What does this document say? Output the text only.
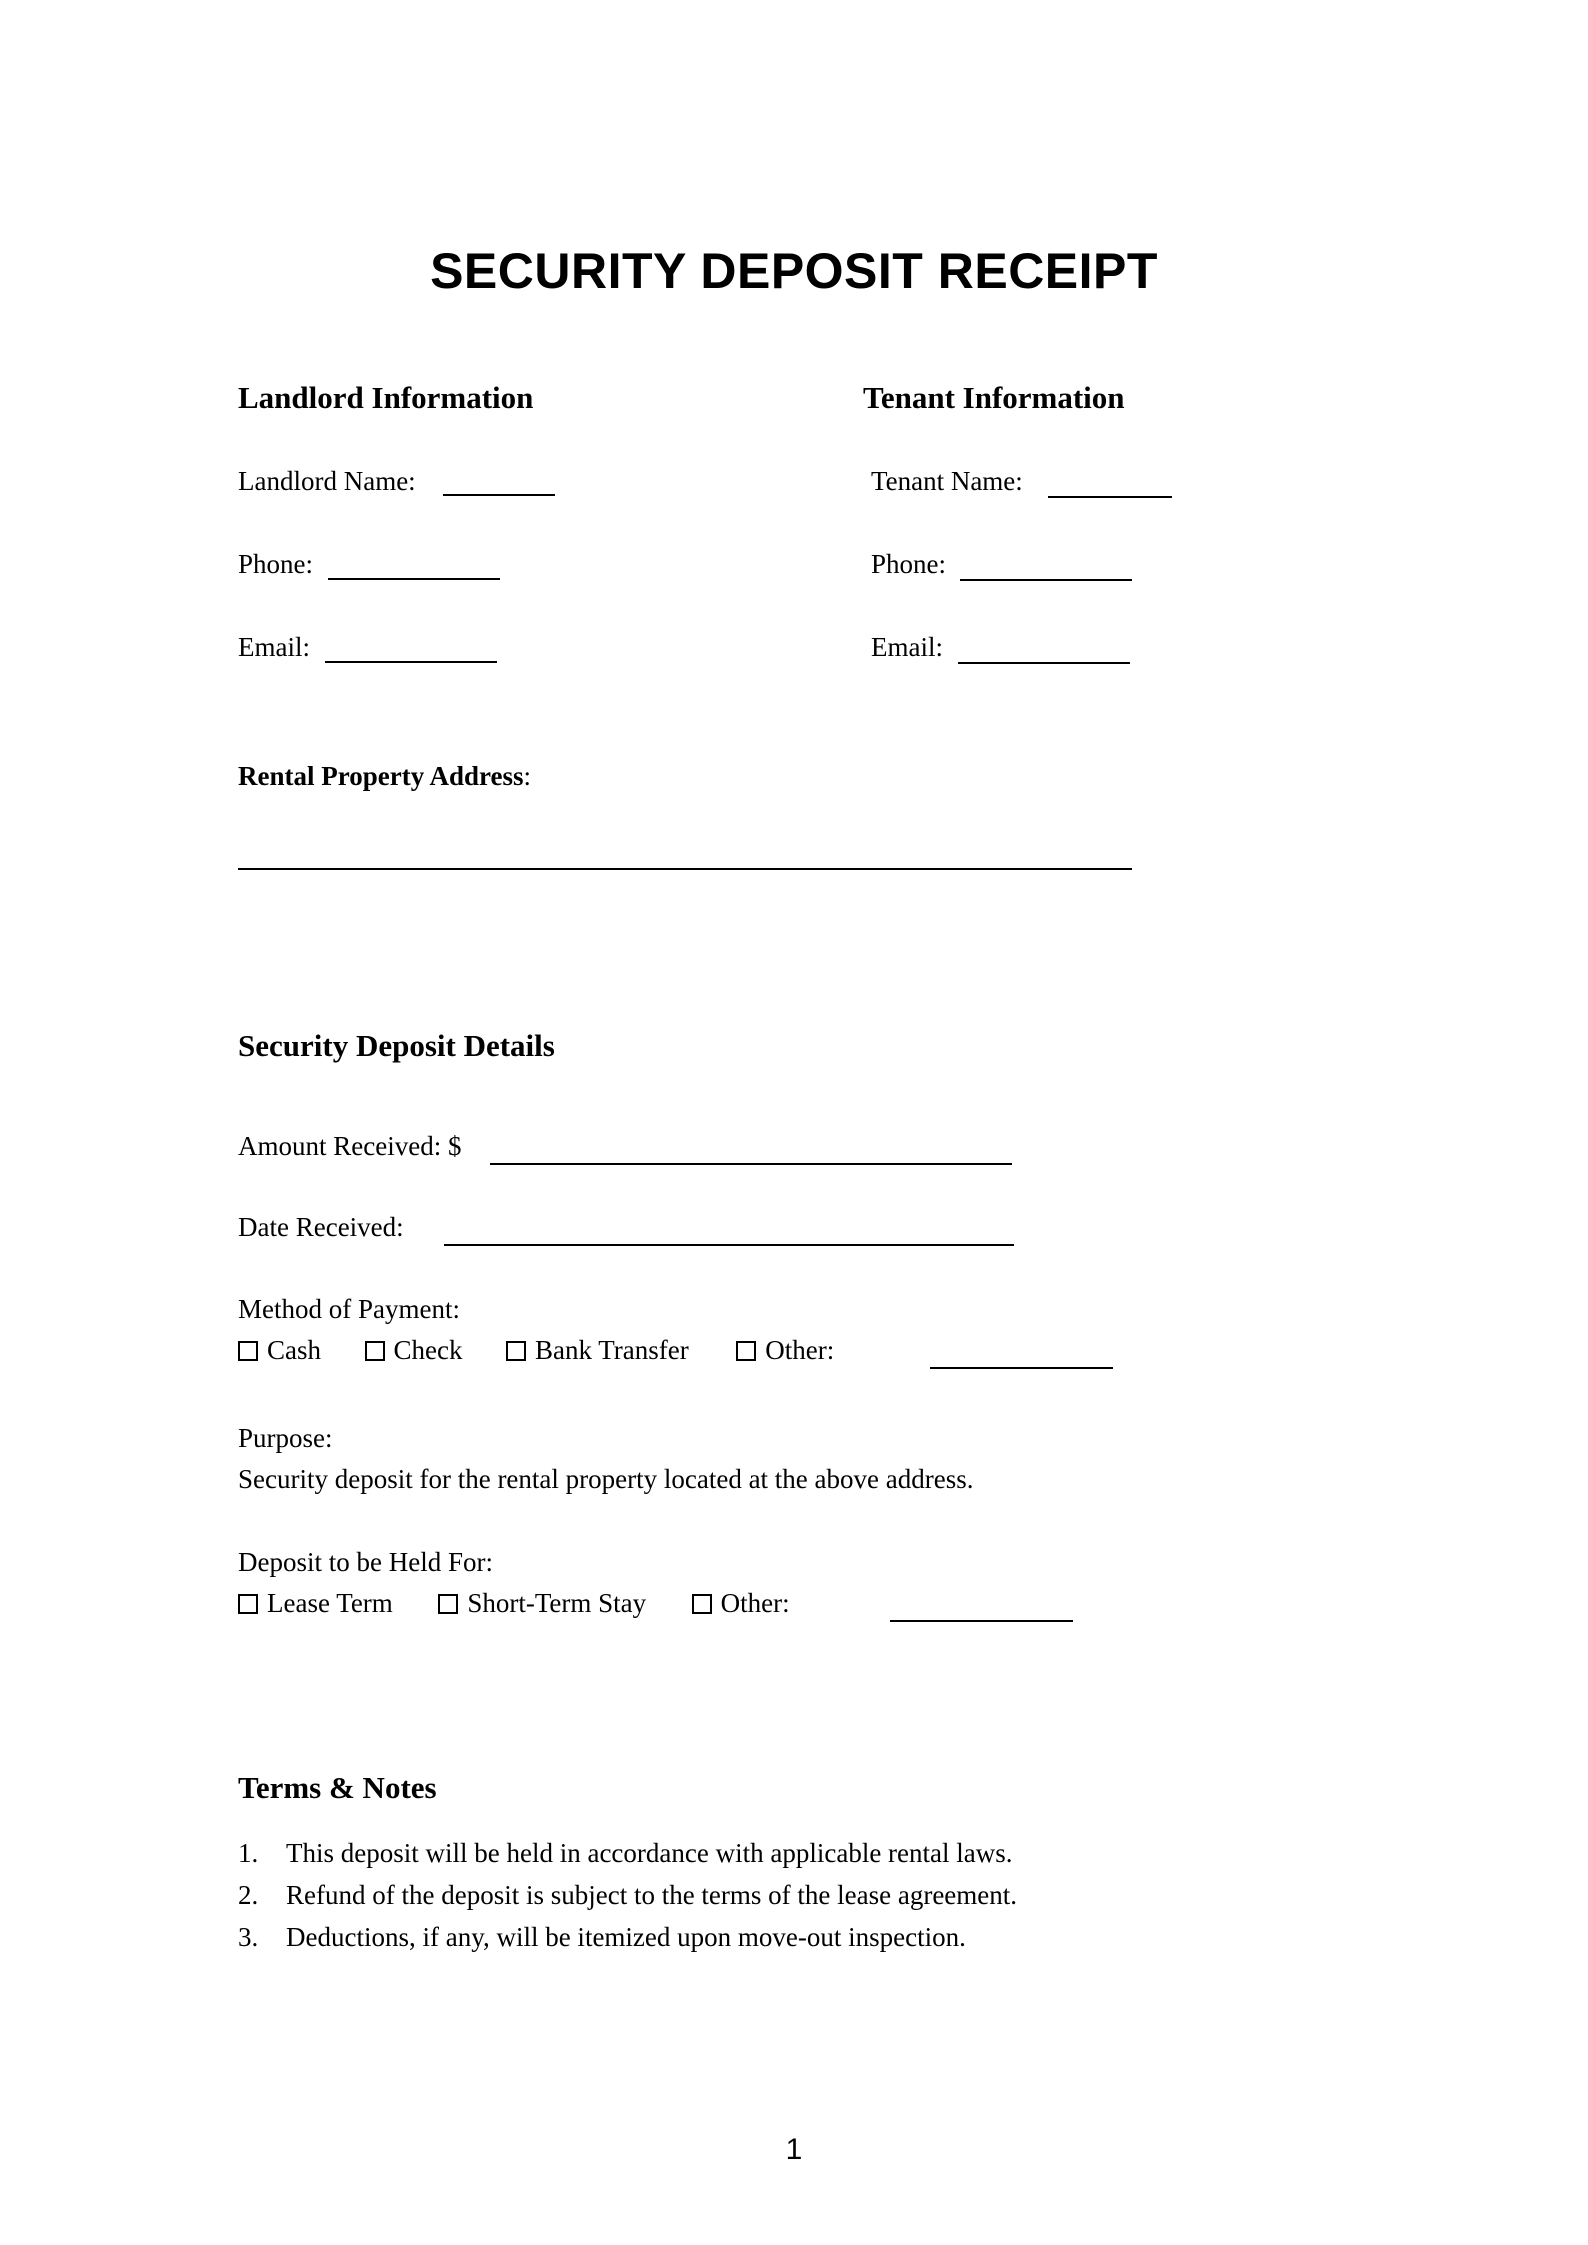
SECURITY DEPOSIT RECEIPT
Landlord Information
Landlord Name:
Phone:
Email:
Tenant Information
Tenant Name:
Phone:
Email:
Rental Property Address:
Security Deposit Details
Amount Received: $
Date Received:
Method of Payment:
Cash	Check	Bank Transfer	Other:
Purpose:
Security deposit for the rental property located at the above address.
Deposit to be Held For:
Lease Term	Short-Term Stay	Other:
Terms & Notes
1. This deposit will be held in accordance with applicable rental laws.
2. Refund of the deposit is subject to the terms of the lease agreement.
3. Deductions, if any, will be itemized upon move-out inspection.
1
